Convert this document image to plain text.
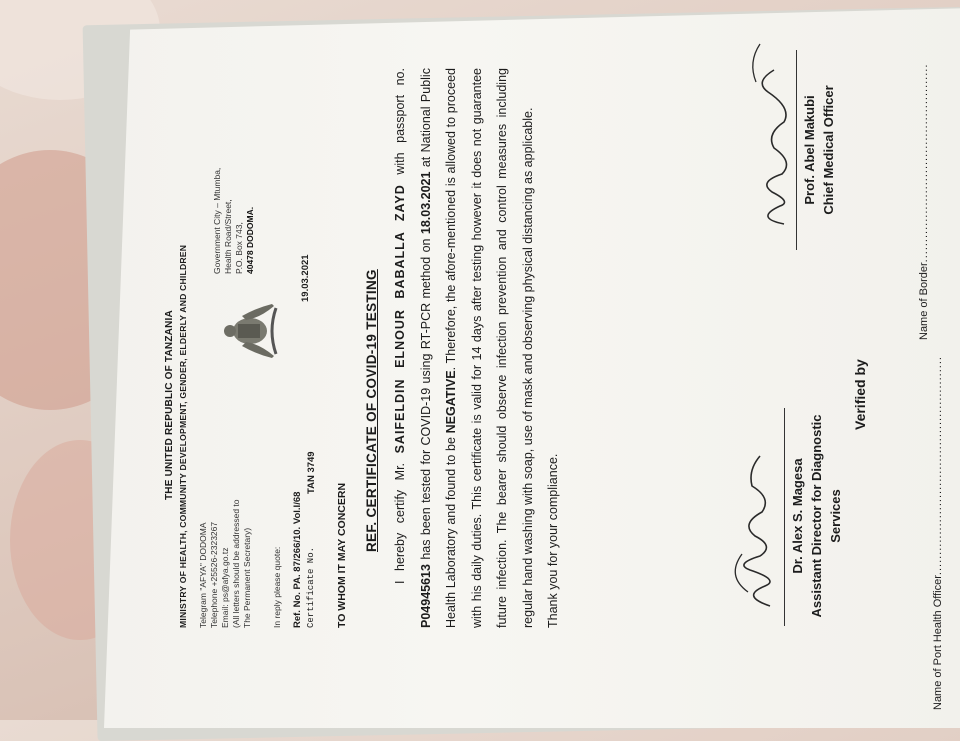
THE UNITED REPUBLIC OF TANZANIA MINISTRY OF HEALTH, COMMUNITY DEVELOPMENT, GENDER, ELDERLY AND CHILDREN Telegram "AFYA" DODOMA Telephone +25526-2323267 Email: ps@afya.go.tz (All letters should be addressed to The Permanent Secretary)
Government City – Mtumba, Health Road/Street, P.O. Box 743, 40478 DODOMA.
In reply please quote: Ref. No. PA. 87/266/10. Vol.I/68 Certificate No.
TAN 3749
19.03.2021
TO WHOM IT MAY CONCERN
REF. CERTIFICATE OF COVID-19 TESTING	I hereby certify Mr. SAIFELDIN ELNOUR BABALLA ZAYD with passport no. P04945613 has been tested for COVID-19 using RT-PCR method on 18.03.2021 at National Public Health Laboratory and found to be NEGATIVE. Therefore, the afore-mentioned is allowed to proceed with his daily duties. This certificate is valid for 14 days after testing however it does not guarantee future infection. The bearer should observe infection prevention and control measures including regular hand washing with soap, use of mask and observing physical distancing as applicable. Thank you for your compliance.	Dr. Alex S. Magesa Assistant Director for Diagnostic Services
Prof. Abel Makubi Chief Medical Officer
Verified by
Name of Port Health Officer......................................................
Name of Border.................................................
